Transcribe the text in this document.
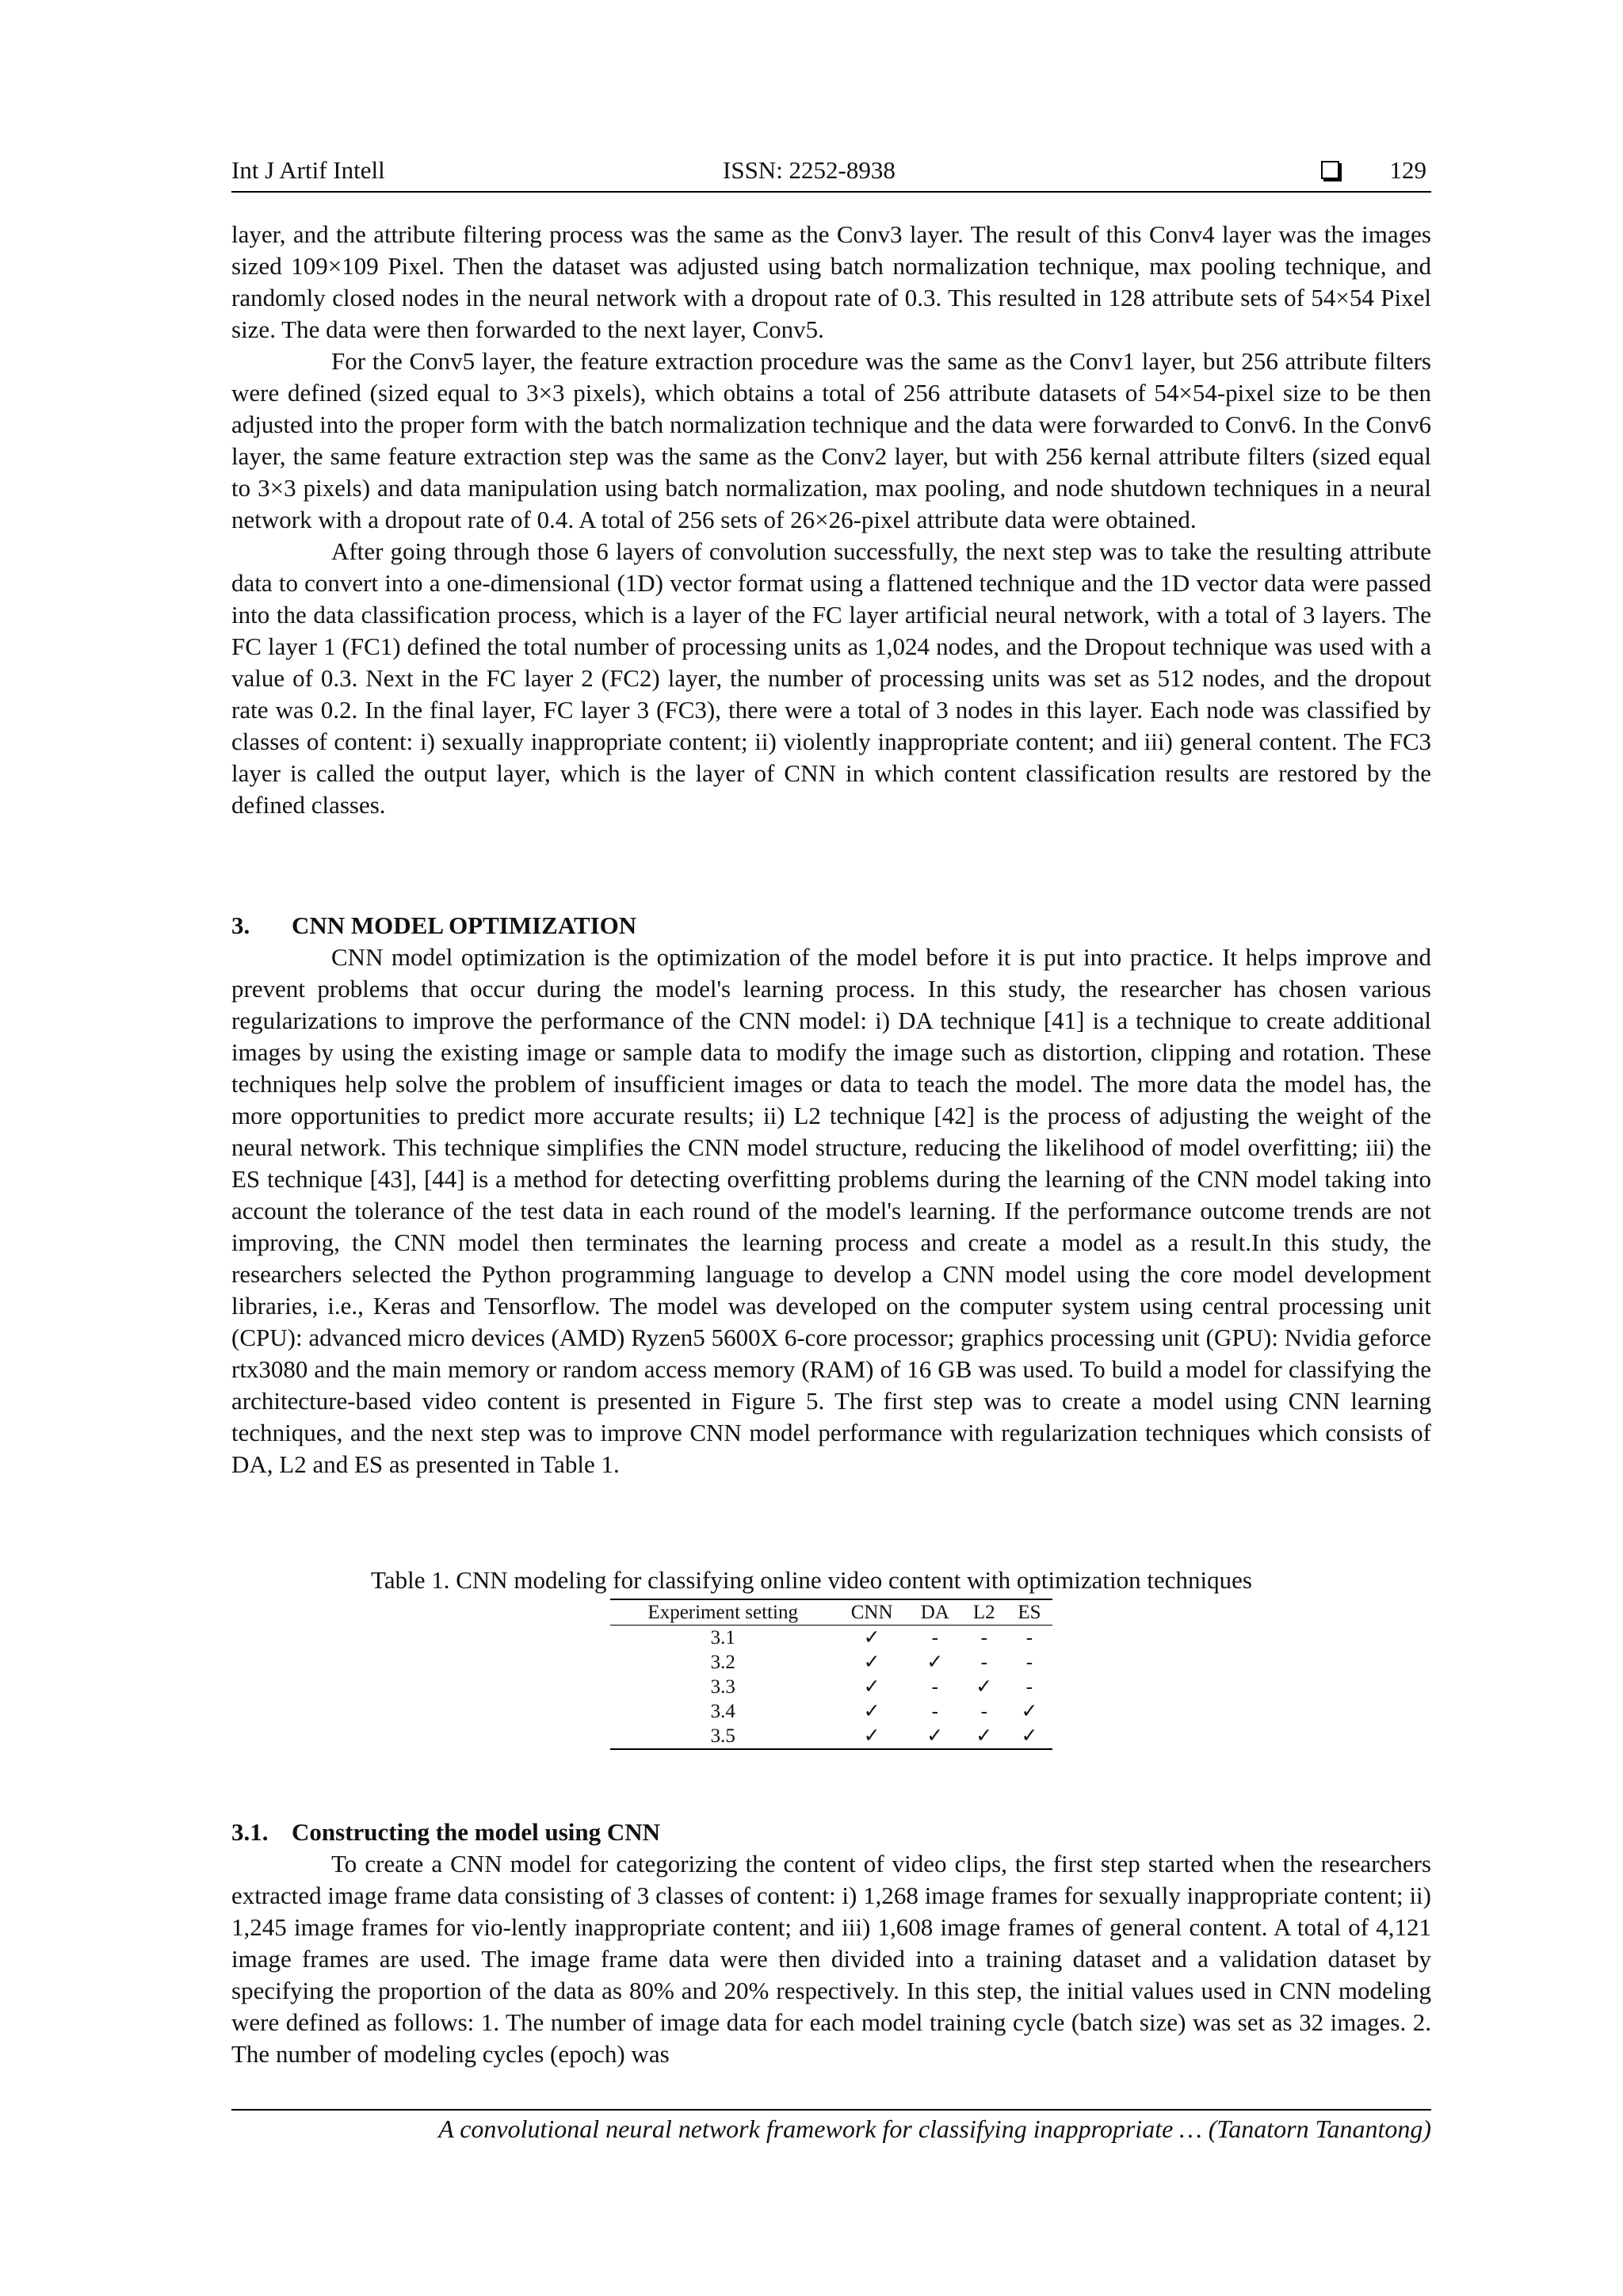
Int J Artif Intell	ISSN: 2252-8938	129

layer, and the attribute filtering process was the same as the Conv3 layer. The result of this Conv4 layer was the images sized 109×109 Pixel. Then the dataset was adjusted using batch normalization technique, max pooling technique, and randomly closed nodes in the neural network with a dropout rate of 0.3. This resulted in 128 attribute sets of 54×54 Pixel size. The data were then forwarded to the next layer, Conv5.

For the Conv5 layer, the feature extraction procedure was the same as the Conv1 layer, but 256 attribute filters were defined (sized equal to 3×3 pixels), which obtains a total of 256 attribute datasets of 54×54-pixel size to be then adjusted into the proper form with the batch normalization technique and the data were forwarded to Conv6. In the Conv6 layer, the same feature extraction step was the same as the Conv2 layer, but with 256 kernal attribute filters (sized equal to 3×3 pixels) and data manipulation using batch normalization, max pooling, and node shutdown techniques in a neural network with a dropout rate of 0.4. A total of 256 sets of 26×26-pixel attribute data were obtained.

After going through those 6 layers of convolution successfully, the next step was to take the resulting attribute data to convert into a one-dimensional (1D) vector format using a flattened technique and the 1D vector data were passed into the data classification process, which is a layer of the FC layer artificial neural network, with a total of 3 layers. The FC layer 1 (FC1) defined the total number of processing units as 1,024 nodes, and the Dropout technique was used with a value of 0.3. Next in the FC layer 2 (FC2) layer, the number of processing units was set as 512 nodes, and the dropout rate was 0.2. In the final layer, FC layer 3 (FC3), there were a total of 3 nodes in this layer. Each node was classified by classes of content: i) sexually inappropriate content; ii) violently inappropriate content; and iii) general content. The FC3 layer is called the output layer, which is the layer of CNN in which content classification results are restored by the defined classes.

3. CNN MODEL OPTIMIZATION

CNN model optimization is the optimization of the model before it is put into practice. It helps improve and prevent problems that occur during the model's learning process. In this study, the researcher has chosen various regularizations to improve the performance of the CNN model: i) DA technique [41] is a technique to create additional images by using the existing image or sample data to modify the image such as distortion, clipping and rotation. These techniques help solve the problem of insufficient images or data to teach the model. The more data the model has, the more opportunities to predict more accurate results; ii) L2 technique [42] is the process of adjusting the weight of the neural network. This technique simplifies the CNN model structure, reducing the likelihood of model overfitting; iii) the ES technique [43], [44] is a method for detecting overfitting problems during the learning of the CNN model taking into account the tolerance of the test data in each round of the model's learning. If the performance outcome trends are not improving, the CNN model then terminates the learning process and create a model as a result.In this study, the researchers selected the Python programming language to develop a CNN model using the core model development libraries, i.e., Keras and Tensorflow. The model was developed on the computer system using central processing unit (CPU): advanced micro devices (AMD) Ryzen5 5600X 6-core processor; graphics processing unit (GPU): Nvidia geforce rtx3080 and the main memory or random access memory (RAM) of 16 GB was used. To build a model for classifying the architecture-based video content is presented in Figure 5. The first step was to create a model using CNN learning techniques, and the next step was to improve CNN model performance with regularization techniques which consists of DA, L2 and ES as presented in Table 1.

Table 1. CNN modeling for classifying online video content with optimization techniques
Experiment setting	CNN	DA	L2	ES
3.1	✓	-	-	-
3.2	✓	✓	-	-
3.3	✓	-	✓	-
3.4	✓	-	-	✓
3.5	✓	✓	✓	✓
3.1. Constructing the model using CNN

To create a CNN model for categorizing the content of video clips, the first step started when the researchers extracted image frame data consisting of 3 classes of content: i) 1,268 image frames for sexually inappropriate content; ii) 1,245 image frames for vio-lently inappropriate content; and iii) 1,608 image frames of general content. A total of 4,121 image frames are used. The image frame data were then divided into a training dataset and a validation dataset by specifying the proportion of the data as 80% and 20% respectively. In this step, the initial values used in CNN modeling were defined as follows: 1. The number of image data for each model training cycle (batch size) was set as 32 images. 2. The number of modeling cycles (epoch) was

A convolutional neural network framework for classifying inappropriate … (Tanatorn Tanantong)
